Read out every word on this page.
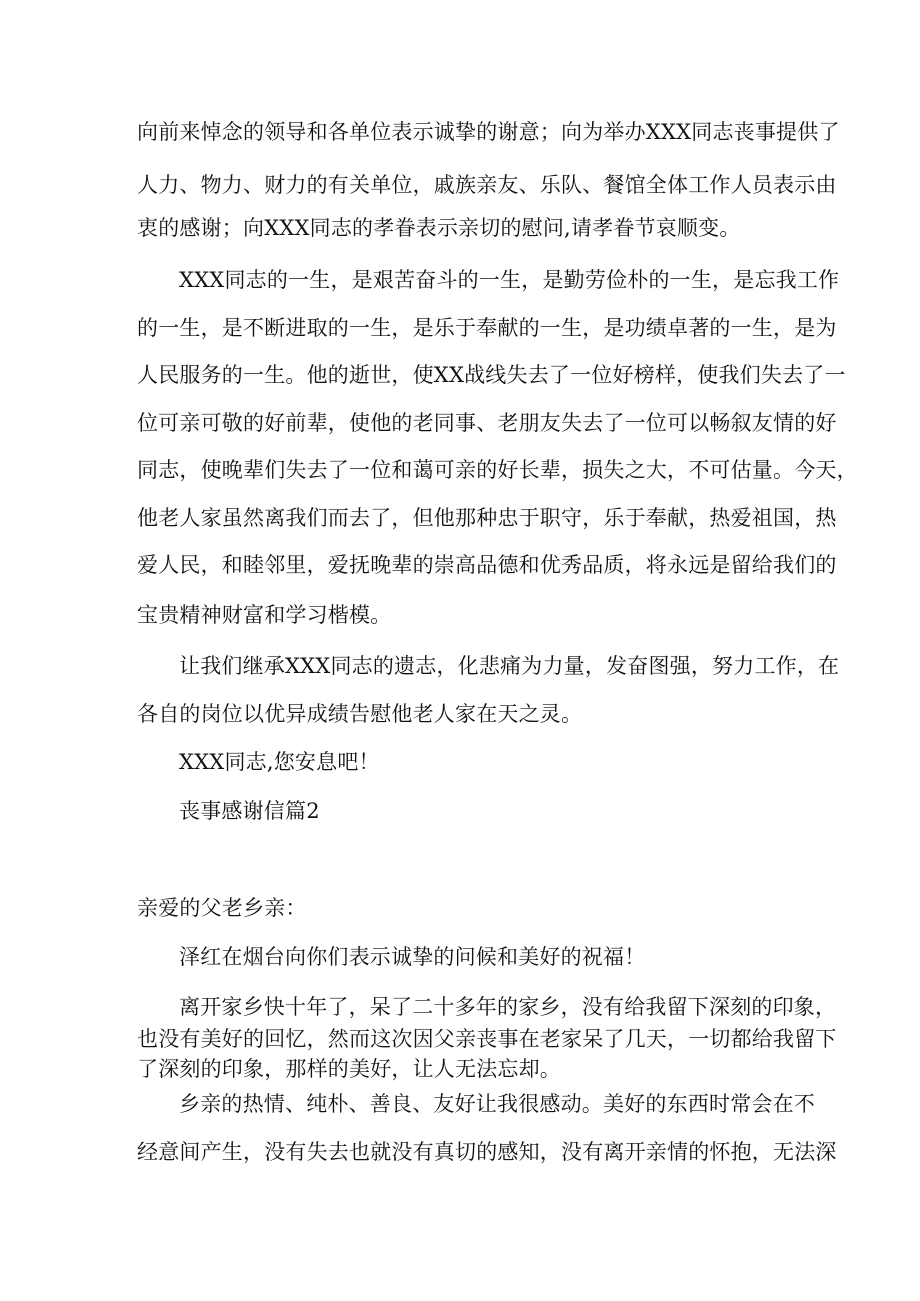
向前来悼念的领导和各单位表示诚挚的谢意；向为举办XXX同志丧事提供了
人力、物力、财力的有关单位，戚族亲友、乐队、餐馆全体工作人员表示由
衷的感谢；向XXX同志的孝眷表示亲切的慰问,请孝眷节哀顺变。
XXX同志的一生，是艰苦奋斗的一生，是勤劳俭朴的一生，是忘我工作
的一生，是不断进取的一生，是乐于奉献的一生，是功绩卓著的一生，是为
人民服务的一生。他的逝世，使XX战线失去了一位好榜样，使我们失去了一
位可亲可敬的好前辈，使他的老同事、老朋友失去了一位可以畅叙友情的好
同志，使晚辈们失去了一位和蔼可亲的好长辈，损失之大，不可估量。今天，
他老人家虽然离我们而去了，但他那种忠于职守，乐于奉献，热爱祖国，热
爱人民，和睦邻里，爱抚晚辈的崇高品德和优秀品质，将永远是留给我们的
宝贵精神财富和学习楷模。
让我们继承XXX同志的遗志，化悲痛为力量，发奋图强，努力工作，在
各自的岗位以优异成绩告慰他老人家在天之灵。
XXX同志,您安息吧！
丧事感谢信篇2
亲爱的父老乡亲：
泽红在烟台向你们表示诚挚的问候和美好的祝福！
离开家乡快十年了，呆了二十多年的家乡，没有给我留下深刻的印象，
也没有美好的回忆，然而这次因父亲丧事在老家呆了几天，一切都给我留下
了深刻的印象，那样的美好，让人无法忘却。
乡亲的热情、纯朴、善良、友好让我很感动。美好的东西时常会在不
经意间产生，没有失去也就没有真切的感知，没有离开亲情的怀抱，无法深
